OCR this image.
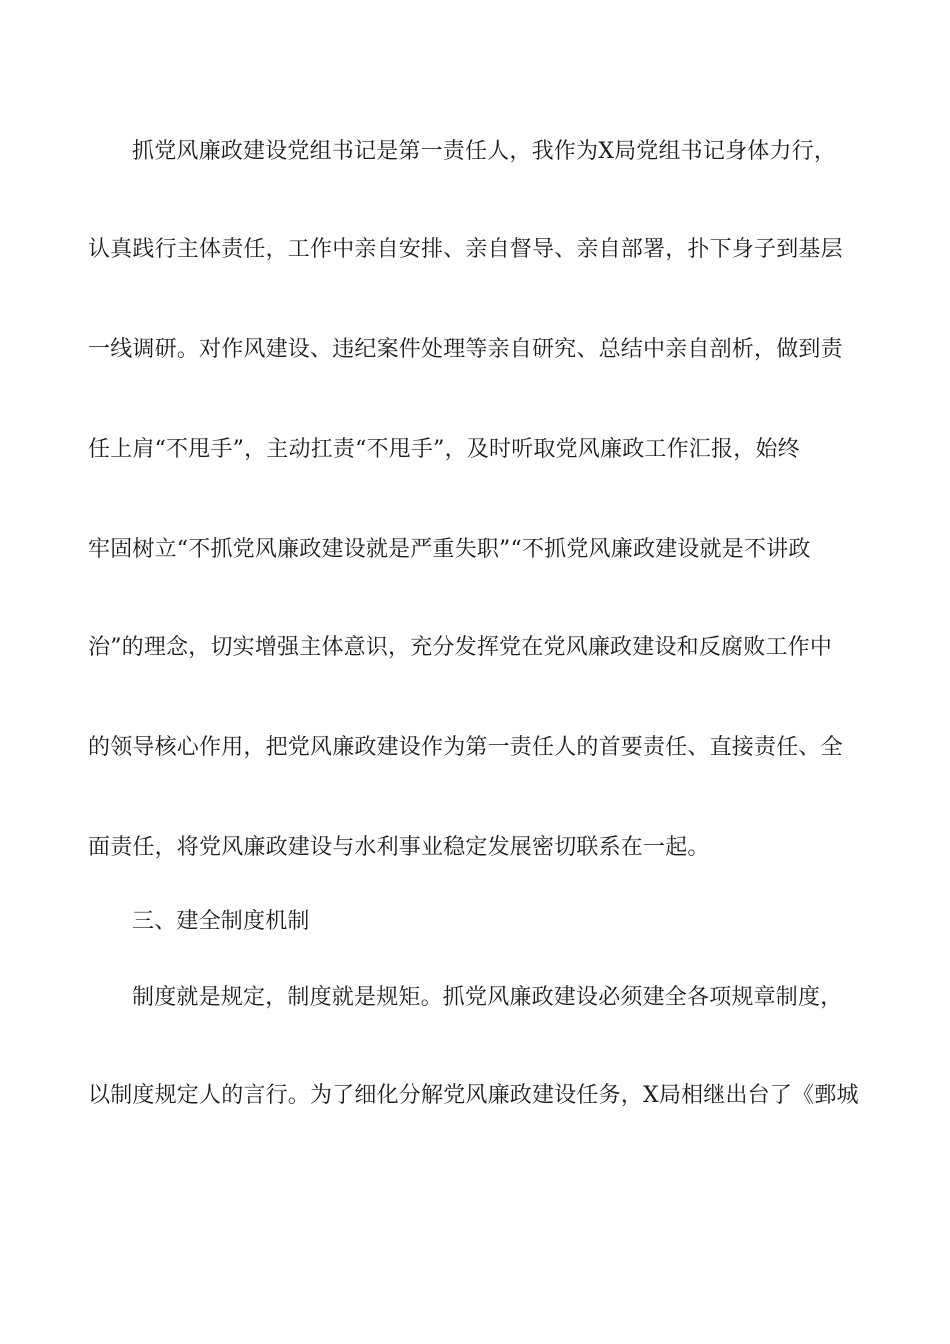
抓党风廉政建设党组书记是第一责任人，我作为X局党组书记身体力行，
认真践行主体责任，工作中亲自安排、亲自督导、亲自部署，扑下身子到基层
一线调研。对作风建设、违纪案件处理等亲自研究、总结中亲自剖析，做到责
任上肩“不甩手”，主动扛责“不甩手”，及时听取党风廉政工作汇报，始终
牢固树立“不抓党风廉政建设就是严重失职”“不抓党风廉政建设就是不讲政
治”的理念，切实增强主体意识，充分发挥党在党风廉政建设和反腐败工作中
的领导核心作用，把党风廉政建设作为第一责任人的首要责任、直接责任、全
面责任，将党风廉政建设与水利事业稳定发展密切联系在一起。
三、建全制度机制
制度就是规定，制度就是规矩。抓党风廉政建设必须建全各项规章制度，
以制度规定人的言行。为了细化分解党风廉政建设任务，X局相继出台了《鄄城
